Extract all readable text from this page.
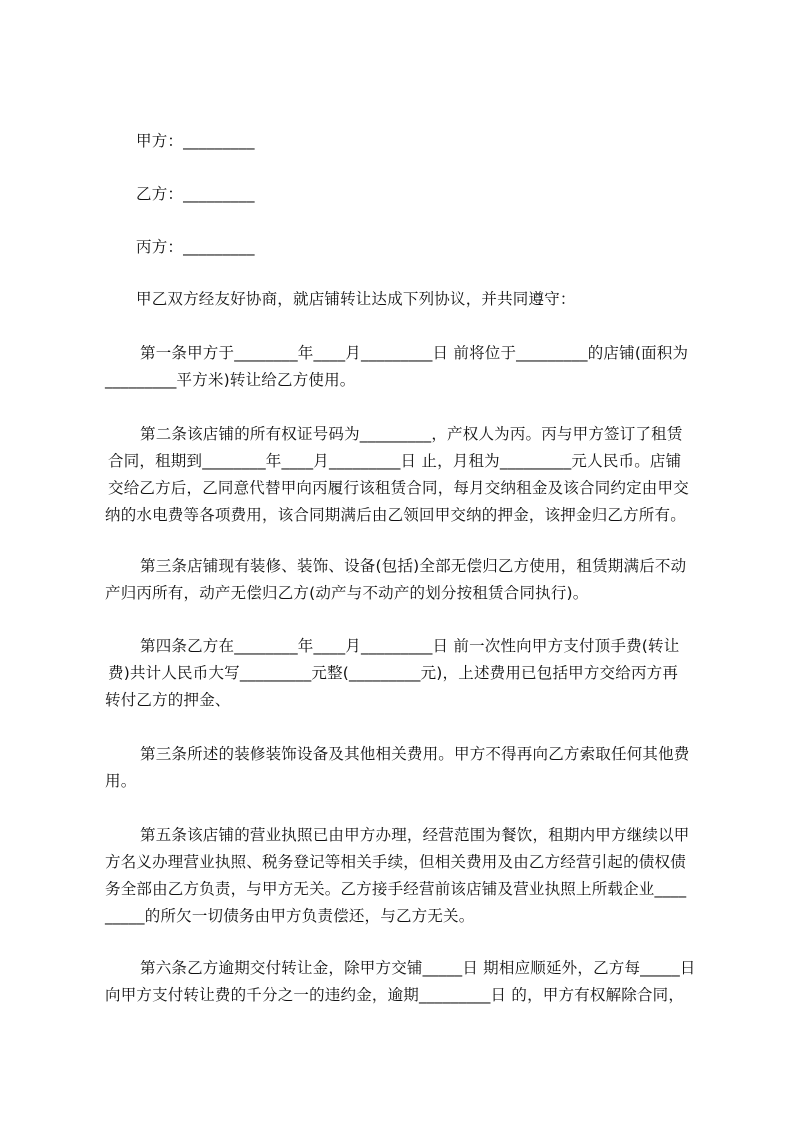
甲方：_________

乙方：_________

丙方：_________

甲乙双方经友好协商，就店铺转让达成下列协议，并共同遵守：

第一条甲方于________年____月_________日 前将位于_________的店铺(面积为

_________平方米)转让给乙方使用。

第二条该店铺的所有权证号码为_________，产权人为丙。丙与甲方签订了租赁

合同，租期到________年____月_________日 止，月租为_________元人民币。店铺

交给乙方后，乙同意代替甲向丙履行该租赁合同，每月交纳租金及该合同约定由甲交

纳的水电费等各项费用，该合同期满后由乙领回甲交纳的押金，该押金归乙方所有。

第三条店铺现有装修、装饰、设备(包括)全部无偿归乙方使用，租赁期满后不动

产归丙所有，动产无偿归乙方(动产与不动产的划分按租赁合同执行)。

第四条乙方在________年____月_________日 前一次性向甲方支付顶手费(转让

费)共计人民币大写_________元整(_________元)，上述费用已包括甲方交给丙方再

转付乙方的押金、

第三条所述的装修装饰设备及其他相关费用。甲方不得再向乙方索取任何其他费

用。

第五条该店铺的营业执照已由甲方办理，经营范围为餐饮，租期内甲方继续以甲

方名义办理营业执照、税务登记等相关手续，但相关费用及由乙方经营引起的债权债

务全部由乙方负责，与甲方无关。乙方接手经营前该店铺及营业执照上所载企业____

_____的所欠一切债务由甲方负责偿还，与乙方无关。

第六条乙方逾期交付转让金，除甲方交铺_____日 期相应顺延外，乙方每_____日

向甲方支付转让费的千分之一的违约金，逾期_________日 的，甲方有权解除合同，
